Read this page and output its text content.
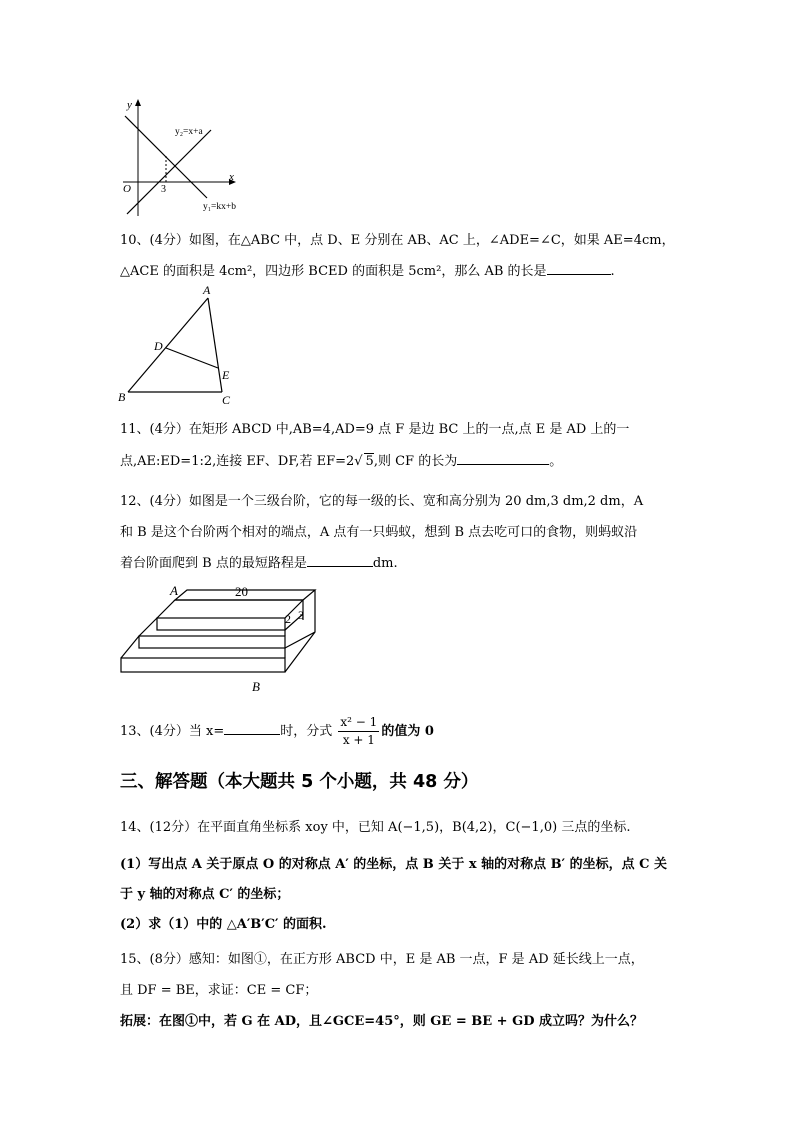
y
x
O	3
y₂=x+a
y₁=kx+b
10、(4分）如图，在△ABC 中，点 D、E 分别在 AB、AC 上，∠ADE=∠C，如果 AE=4cm，
△ACE 的面积是 4cm²，四边形 BCED 的面积是 5cm²，那么 AB 的长是	.
A
B	C
D
E
11、(4分）在矩形 ABCD 中,AB=4,AD=9 点 F 是边 BC 上的一点,点 E 是 AD 上的一
点,AE:ED=1:2,连接 EF、DF,若 EF=2√ 5,则 CF 的长为	。
12、(4分）如图是一个三级台阶，它的每一级的长、宽和高分别为 20 dm,3 dm,2 dm，A
和 B 是这个台阶两个相对的端点，A 点有一只蚂蚁，想到 B 点去吃可口的食物，则蚂蚁沿
着台阶面爬到 B 点的最短路程是	dm.
A	20
2 3
B
13、(4分）当 x=	时，分式 $\frac{\text{x² − 1}}{x + 1}$ 的值为 0
三、解答题（本大题共 5 个小题，共 48 分）
14、(12分）在平面直角坐标系 xoy 中，已知 A(−1,5)，B(4,2)，C(−1,0) 三点的坐标.
(1）写出点 A 关于原点 O 的对称点 A′ 的坐标，点 B 关于 x 轴的对称点 B′ 的坐标，点 C 关
于 y 轴的对称点 C′ 的坐标；
(2）求（1）中的 △A′B′C′ 的面积.
15、(8分）感知：如图①，在正方形 ABCD 中，E 是 AB 一点，F 是 AD 延长线上一点，
且 DF = BE，求证：CE = CF；
拓展：在图①中，若 G 在 AD，且∠GCE=45°，则 GE = BE + GD 成立吗？为什么？
